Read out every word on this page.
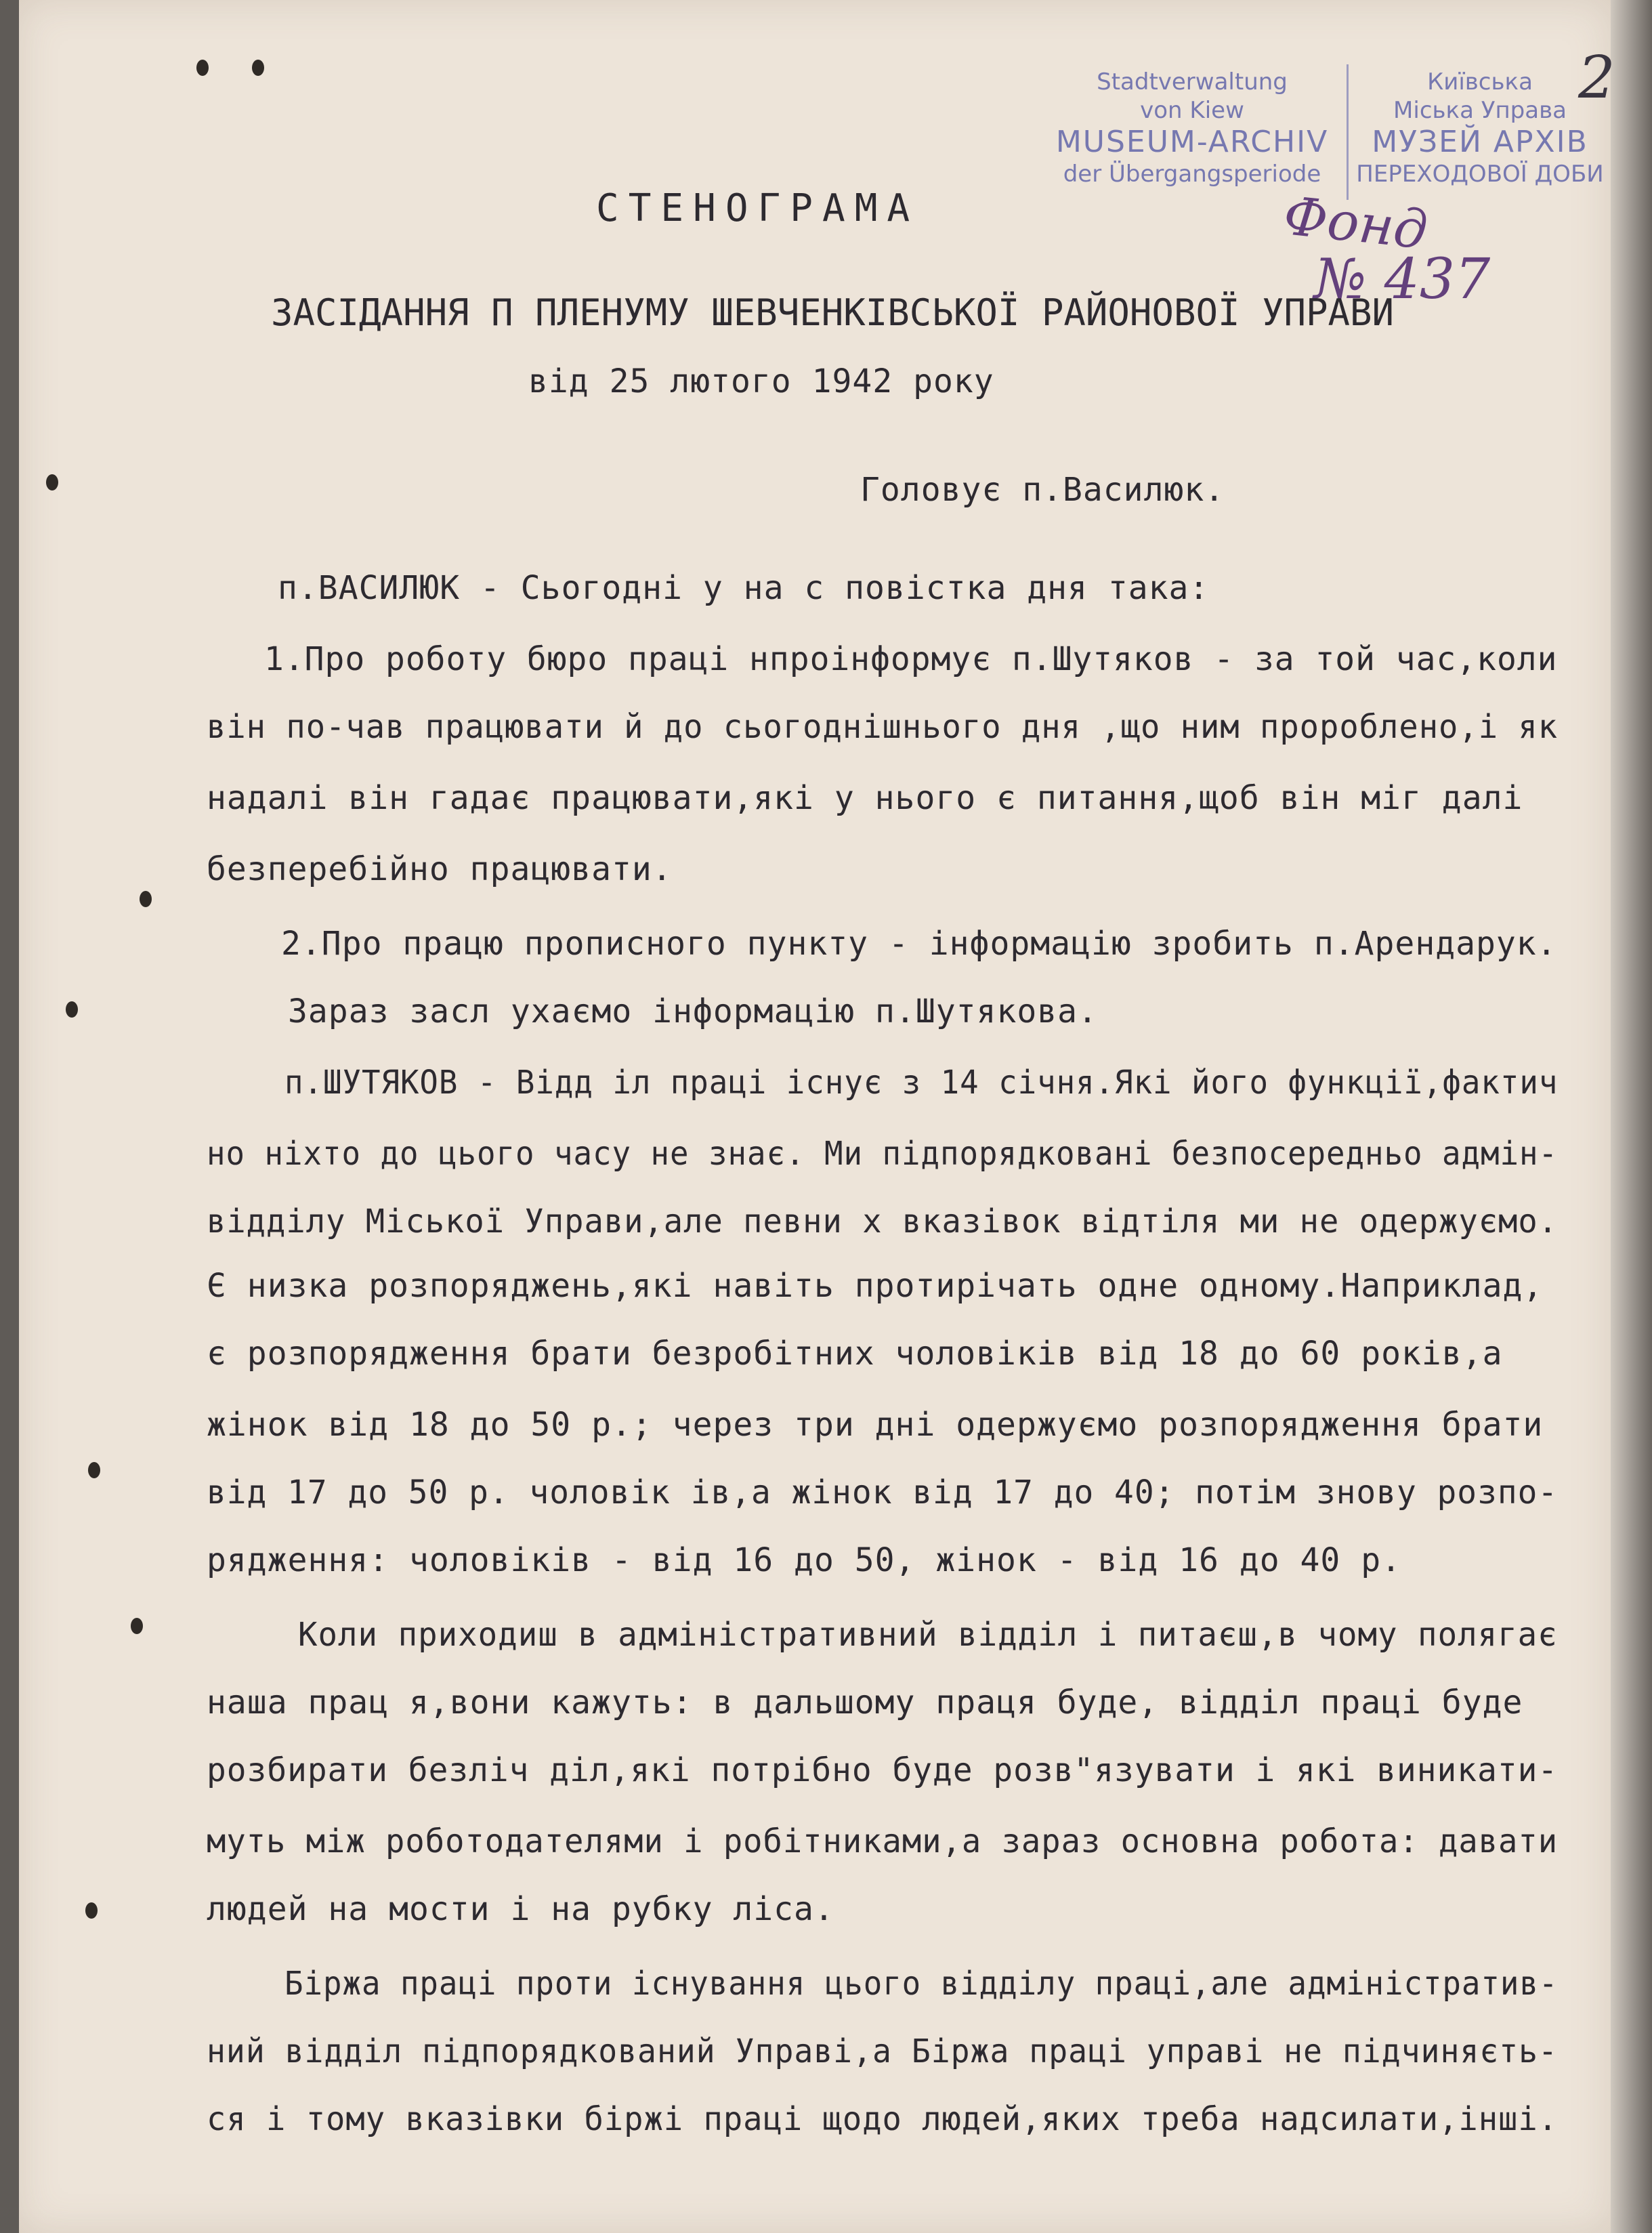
Stadtverwaltung
von Kiew
MUSEUM-ARCHIV
der Übergangsperiode
Київська
Міська Управа
МУЗЕЙ АРХІВ
ПЕРЕХОДОВОЇ ДОБИ
2
Фонд
№ 437
СТЕНОГРАМА
ЗАСІДАННЯ П ПЛЕНУМУ ШЕВЧЕНКІВСЬКОЇ РАЙОНОВОЇ УПРАВИ
від 25 лютого 1942 року
Головує п.Василюк.
п.ВАСИЛЮК - Сьогодні у на с повістка дня така:
1.Про роботу бюро праці нпроінформує п.Шутяков - за той час,коли
він по-чав працювати й до сьогоднішнього дня ,що ним пророблено,і як
надалі він гадає працювати,які у нього є питання,щоб він міг далі
безперебійно працювати.
2.Про працю прописного пункту - інформацію зробить п.Арендарук.
Зараз засл ухаємо інформацію п.Шутякова.
п.ШУТЯКОВ - Відд іл праці існує з 14 січня.Які його функції,фактич
но ніхто до цього часу не знає. Ми підпорядковані безпосередньо адмін-
відділу Міської Управи,але певни х вказівок відтіля ми не одержуємо.
Є низка розпоряджень,які навіть протирічать одне одному.Наприклад,
є розпорядження брати безробітних чоловіків від 18 до 60 років,а
жінок від 18 до 50 р.; через три дні одержуємо розпорядження брати
від 17 до 50 р. чоловік ів,а жінок від 17 до 40; потім знову розпо-
рядження: чоловіків - від 16 до 50, жінок - від 16 до 40 р.
Коли приходиш в адміністративний відділ і питаєш,в чому полягає
наша прац я,вони кажуть: в дальшому праця буде, відділ праці буде
розбирати безліч діл,які потрібно буде розв"язувати і які виникати-
муть між роботодателями і робітниками,а зараз основна робота: давати
людей на мости і на рубку ліса.
Біржа праці проти існування цього відділу праці,але адміністратив-
ний відділ підпорядкований Управі,а Біржа праці управі не підчиняєть-
ся і тому вказівки біржі праці щодо людей,яких треба надсилати,інші.
